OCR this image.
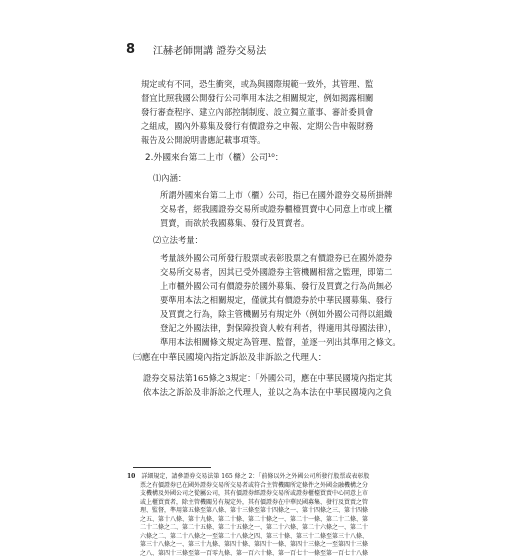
8 江赫老師開講 證券交易法
規定或有不同，恐生衝突，或為與國際規範一致外，其管理、監
督宜比照我國公開發行公司準用本法之相關規定，例如揭露相關
發行審查程序、建立內部控制制度、設立獨立董事、審計委員會
之組成，國內外募集及發行有價證券之申報、定期公告申報財務
報告及公開說明書應記載事項等。
2.外國來台第二上市（櫃）公司¹⁰：
⑴內涵：
所謂外國來台第二上市（櫃）公司，指已在國外證券交易所掛牌
交易者，經我國證券交易所或證券櫃檯買賣中心同意上市或上櫃
買賣，而欲於我國募集、發行及買賣者。
⑵立法考量：
考量該外國公司所發行股票或表彰股票之有價證券已在國外證券
交易所交易者，因其已受外國證券主管機關相當之監理，即第二
上市櫃外國公司有價證券於國外募集、發行及買賣之行為尚無必
要準用本法之相關規定，僅就其有價證券於中華民國募集、發行
及買賣之行為，除主管機關另有規定外（例如外國公司得以組織
登記之外國法律，對保障投資人較有利者，得適用其母國法律），
準用本法相關條文規定為管理、監督，並逐一列出其準用之條文。
㈢應在中華民國境內指定訴訟及非訴訟之代理人：
證券交易法第165條之3規定：「外國公司，應在中華民國境內指定其
依本法之訴訟及非訴訟之代理人，並以之為本法在中華民國境內之負
10 詳細規定，請參證券交易法第 165 條之 2：「前條以外之外國公司所發行股票或表彰股
票之有價證券已在國外證券交易所交易者或符合主管機關所定條件之外國金融機構之分
支機構及外國公司之從屬公司，其有價證券經證券交易所或證券櫃檯買賣中心同意上市
或上櫃買賣者，除主管機關另有規定外，其有價證券在中華民國募集、發行及買賣之管
理、監督，準用第五條至第八條、第十三條至第十四條之一、第十四條之三、第十四條
之五、第十八條、第十九條、第二十條、第二十條之一、第二十一條、第二十二條、第
二十二條之二、第二十五條、第二十五條之一、第二十六條、第二十六條之一、第二十
六條之二、第二十八條之一至第二十八條之四、第三十條、第三十二條至第三十八條、
第三十八條之一、第三十九條、第四十條、第四十一條、第四十三條之一至第四十三條
之八、第四十三條至第一百零九條、第一百六十條、第一百七十一條至第一百七十八條
